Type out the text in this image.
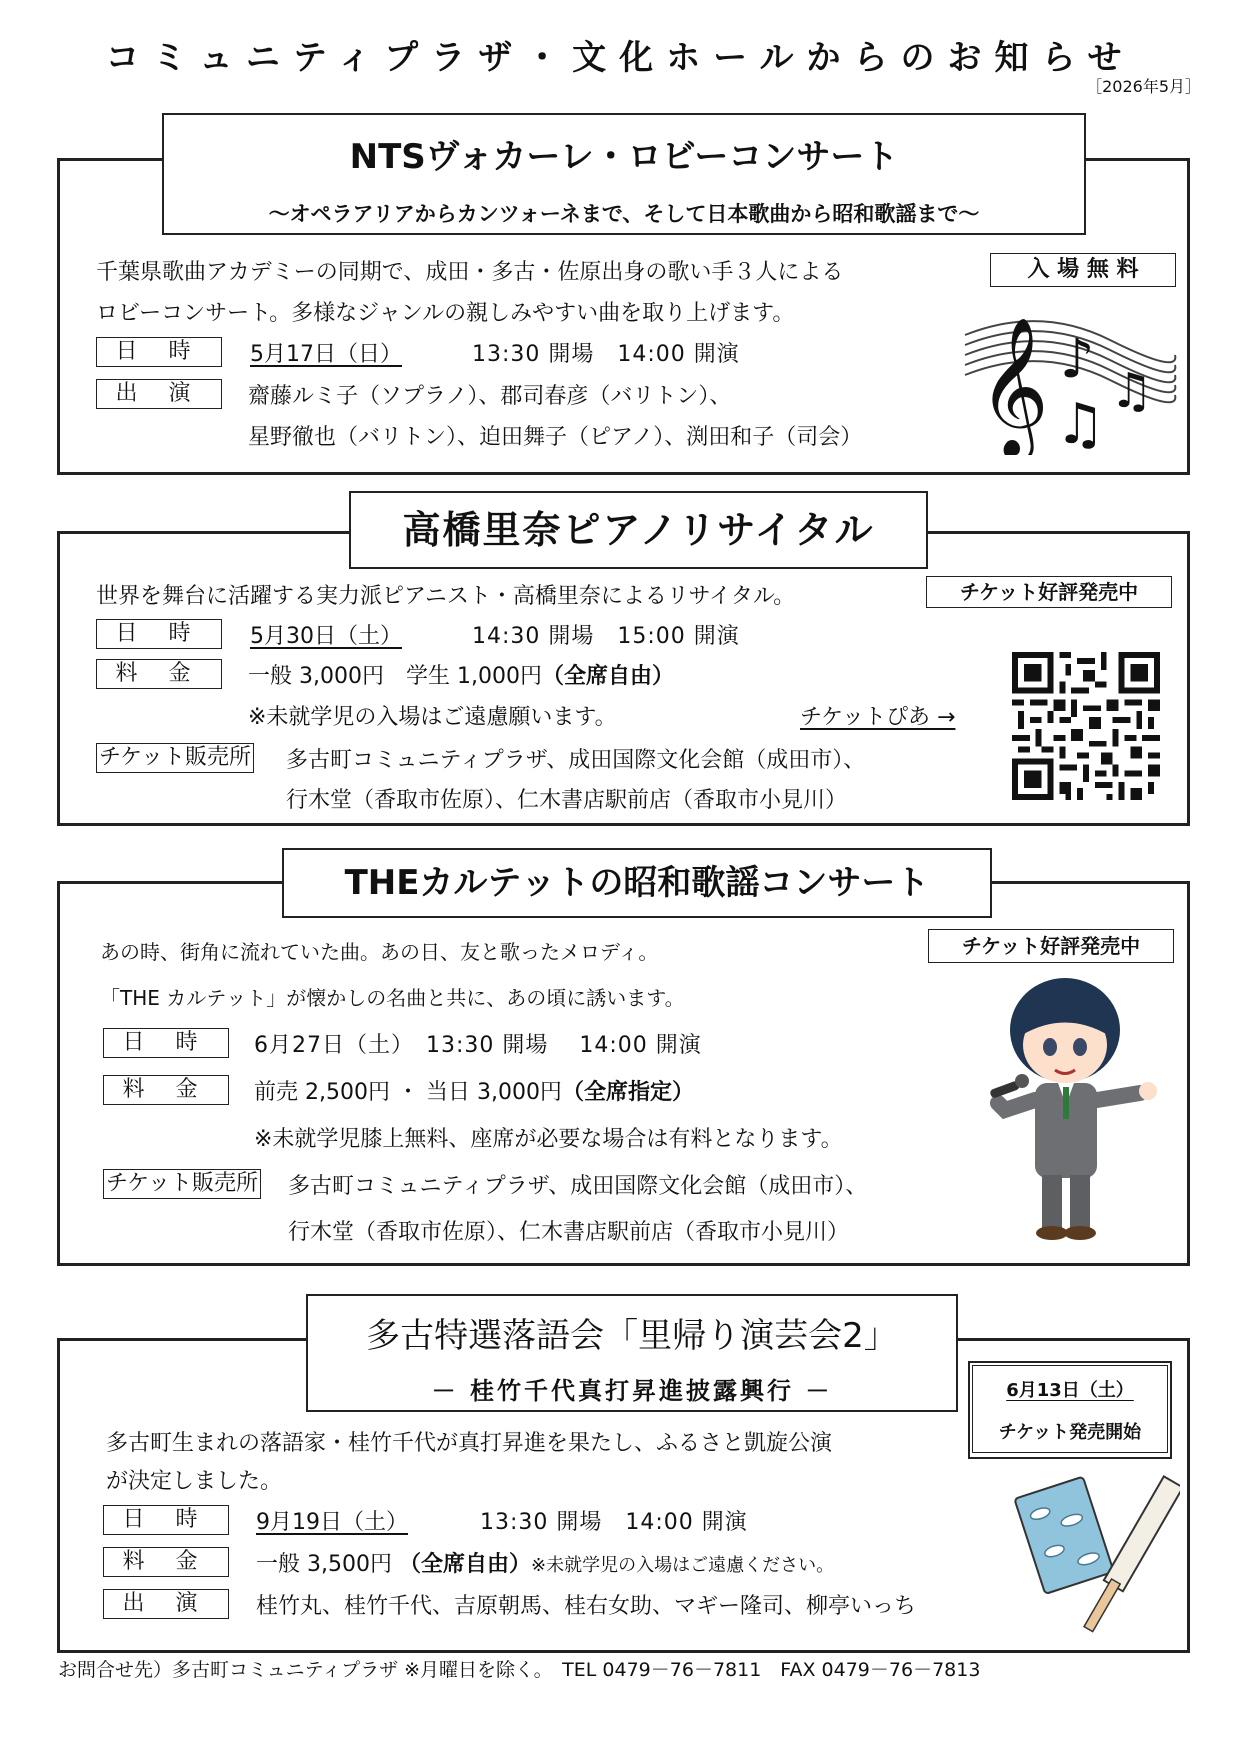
コミュニティプラザ・文化ホールからのお知らせ
［2026年5月］
NTSヴォカーレ・ロビーコンサート
～オペラアリアからカンツォーネまで、そして日本歌曲から昭和歌謡まで～
千葉県歌曲アカデミーの同期で、成田・多古・佐原出身の歌い手３人による
ロビーコンサート。多様なジャンルの親しみやすい曲を取り上げます。
入 場 無 料
日 時	5月17日（日）	13:30 開場　14:00 開演
出 演	齋藤ルミ子（ソプラノ）、郡司春彦（バリトン）、
星野徹也（バリトン）、迫田舞子（ピアノ）、渕田和子（司会） 𝄞 ♪
♫
♫
高橋里奈ピアノリサイタル
世界を舞台に活躍する実力派ピアニスト・高橋里奈によるリサイタル。	チケット好評発売中
日 時	5月30日（土）	14:30 開場　15:00 開演
料 金	一般 3,000円　学生 1,000円（全席自由）
※未就学児の入場はご遠慮願います。	チケットぴあ →
チケット販売所 多古町コミュニティプラザ、成田国際文化会館（成田市）、
行木堂（香取市佐原）、仁木書店駅前店（香取市小見川）
THEカルテットの昭和歌謡コンサート
あの時、街角に流れていた曲。あの日、友と歌ったメロディ。
「THE カルテット」が懐かしの名曲と共に、あの頃に誘います。
チケット好評発売中
日 時	6月27日（土）　13:30 開場　 14:00 開演
料 金	前売 2,500円 ・ 当日 3,000円（全席指定）
※未就学児膝上無料、座席が必要な場合は有料となります。
チケット販売所 多古町コミュニティプラザ、成田国際文化会館（成田市）、
行木堂（香取市佐原）、仁木書店駅前店（香取市小見川）
多古特選落語会「里帰り演芸会2」
－ 桂竹千代真打昇進披露興行 －	6月13日（土）
チケット発売開始
多古町生まれの落語家・桂竹千代が真打昇進を果たし、ふるさと凱旋公演
が決定しました。
日 時	9月19日（土）	13:30 開場　14:00 開演
料 金	一般 3,500円 （全席自由）※未就学児の入場はご遠慮ください。
出 演	桂竹丸、桂竹千代、吉原朝馬、桂右女助、マギー隆司、柳亭いっち
お問合せ先）多古町コミュニティプラザ ※月曜日を除く。　TEL 0479－76－7811　FAX 0479－76－7813
